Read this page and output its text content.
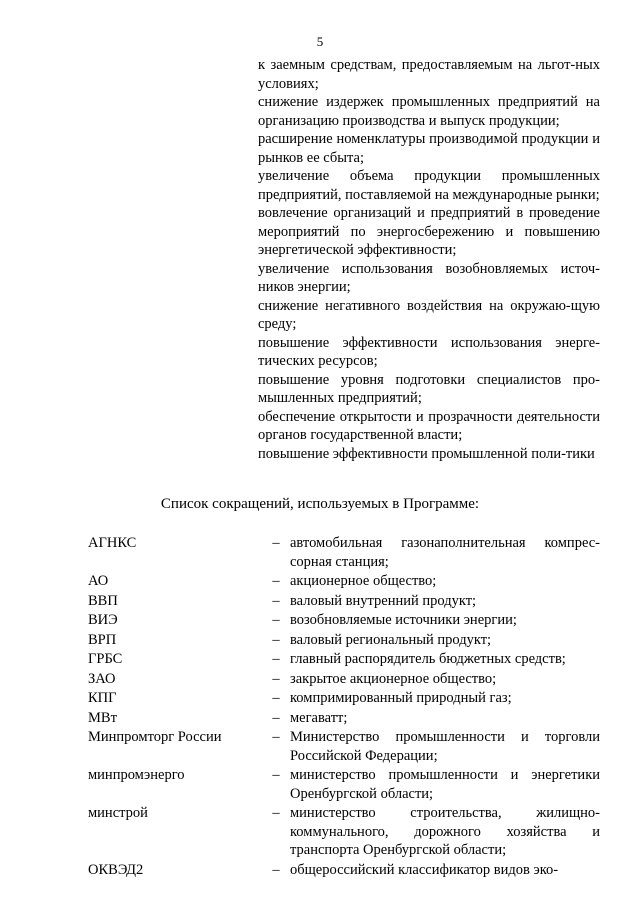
5

к заемным средствам, предоставляемым на льгот-ных условиях;

снижение издержек промышленных предприятий на организацию производства и выпуск продукции;

расширение номенклатуры производимой продукции и рынков ее сбыта;

увеличение объема продукции промышленных предприятий, поставляемой на международные рынки;

вовлечение организаций и предприятий в проведение мероприятий по энергосбережению и повышению энергетической эффективности;

увеличение использования возобновляемых источ-ников энергии;

снижение негативного воздействия на окружаю-щую среду;

повышение эффективности использования энерге-тических ресурсов;

повышение уровня подготовки специалистов про-мышленных предприятий;

обеспечение открытости и прозрачности деятельности органов государственной власти;

повышение эффективности промышленной поли-тики

Список сокращений, используемых в Программе:
АГНКС	– автомобильная газонаполнительная компрес-сорная станция;
АО	– акционерное общество;
ВВП	– валовый внутренний продукт;
ВИЭ	– возобновляемые источники энергии;
ВРП	– валовый региональный продукт;
ГРБС	– главный распорядитель бюджетных средств;
ЗАО	– закрытое акционерное общество;
КПГ	– компримированный природный газ;
МВт	– мегаватт;
Минпромторг России	– Министерство промышленности и торговли Российской Федерации;
минпромэнерго	– министерство промышленности и энергетики Оренбургской области;
минстрой	– министерство строительства, жилищно-коммунального, дорожного хозяйства и транспорта Оренбургской области;
ОКВЭД2	– общероссийский классификатор видов эко-
